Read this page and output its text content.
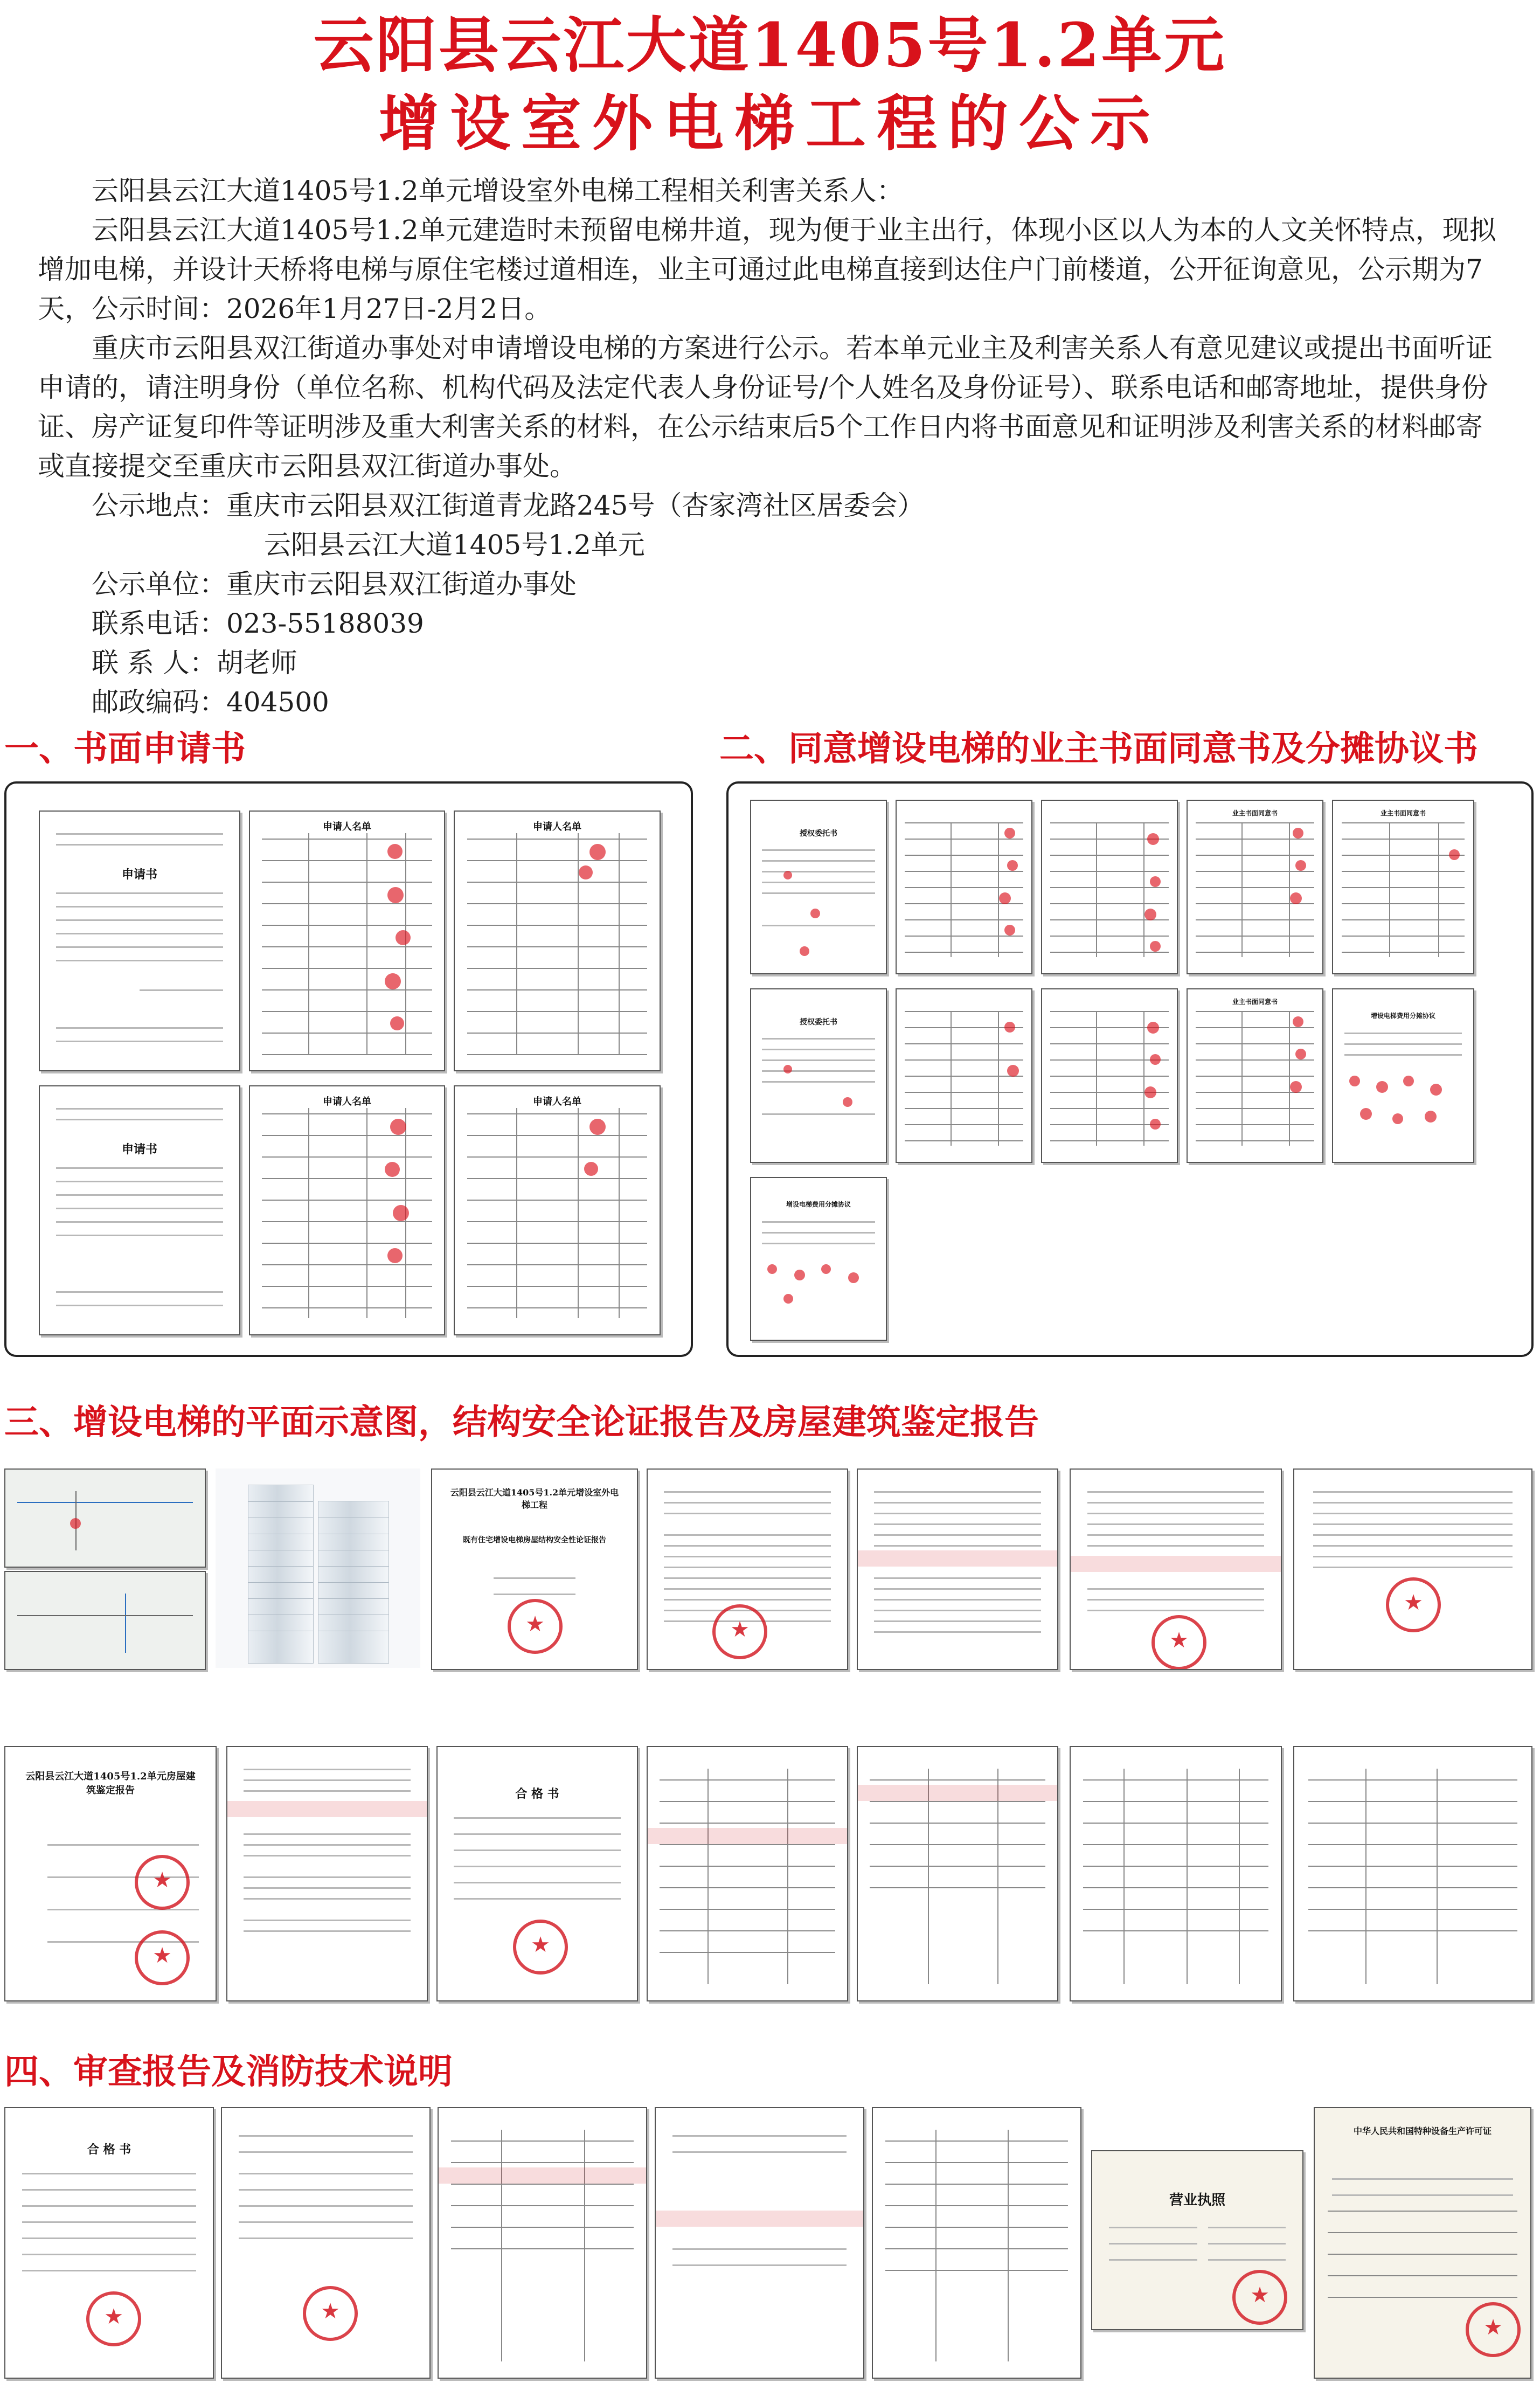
云阳县云江大道1405号1.2单元
增设室外电梯工程的公示

云阳县云江大道1405号1.2单元增设室外电梯工程相关利害关系人：

云阳县云江大道1405号1.2单元建造时未预留电梯井道，现为便于业主出行，体现小区以人为本的人文关怀特点，现拟增加电梯，并设计天桥将电梯与原住宅楼过道相连，业主可通过此电梯直接到达住户门前楼道，公开征询意见，公示期为7天，公示时间：2026年1月27日-2月2日。

重庆市云阳县双江街道办事处对申请增设电梯的方案进行公示。若本单元业主及利害关系人有意见建议或提出书面听证申请的，请注明身份（单位名称、机构代码及法定代表人身份证号/个人姓名及身份证号）、联系电话和邮寄地址，提供身份证、房产证复印件等证明涉及重大利害关系的材料，在公示结束后5个工作日内将书面意见和证明涉及利害关系的材料邮寄或直接提交至重庆市云阳县双江街道办事处。

公示地点：重庆市云阳县双江街道青龙路245号（杏家湾社区居委会）

云阳县云江大道1405号1.2单元

公示单位：重庆市云阳县双江街道办事处

联系电话：023-55188039

联 系 人：胡老师

邮政编码：404500

一、书面申请书
申请书
申请人名单	申请人名单
申请书
申请人名单	申请人名单
二、同意增设电梯的业主书面同意书及分摊协议书
授权委托书
业主书面同意书	业主书面同意书
授权委托书
业主书面同意书
增设电梯费用分摊协议
增设电梯费用分摊协议
三、增设电梯的平面示意图，结构安全论证报告及房屋建筑鉴定报告
云阳县云江大道1405号1.2单元增设室外电梯工程
既有住宅增设电梯房屋结构安全性论证报告
★
★
★
★
云阳县云江大道1405号1.2单元房屋建筑鉴定报告
★
★	合 格 书
★
四、审查报告及消防技术说明
合 格 书
★
★
营业执照
★
中华人民共和国特种设备生产许可证
★
